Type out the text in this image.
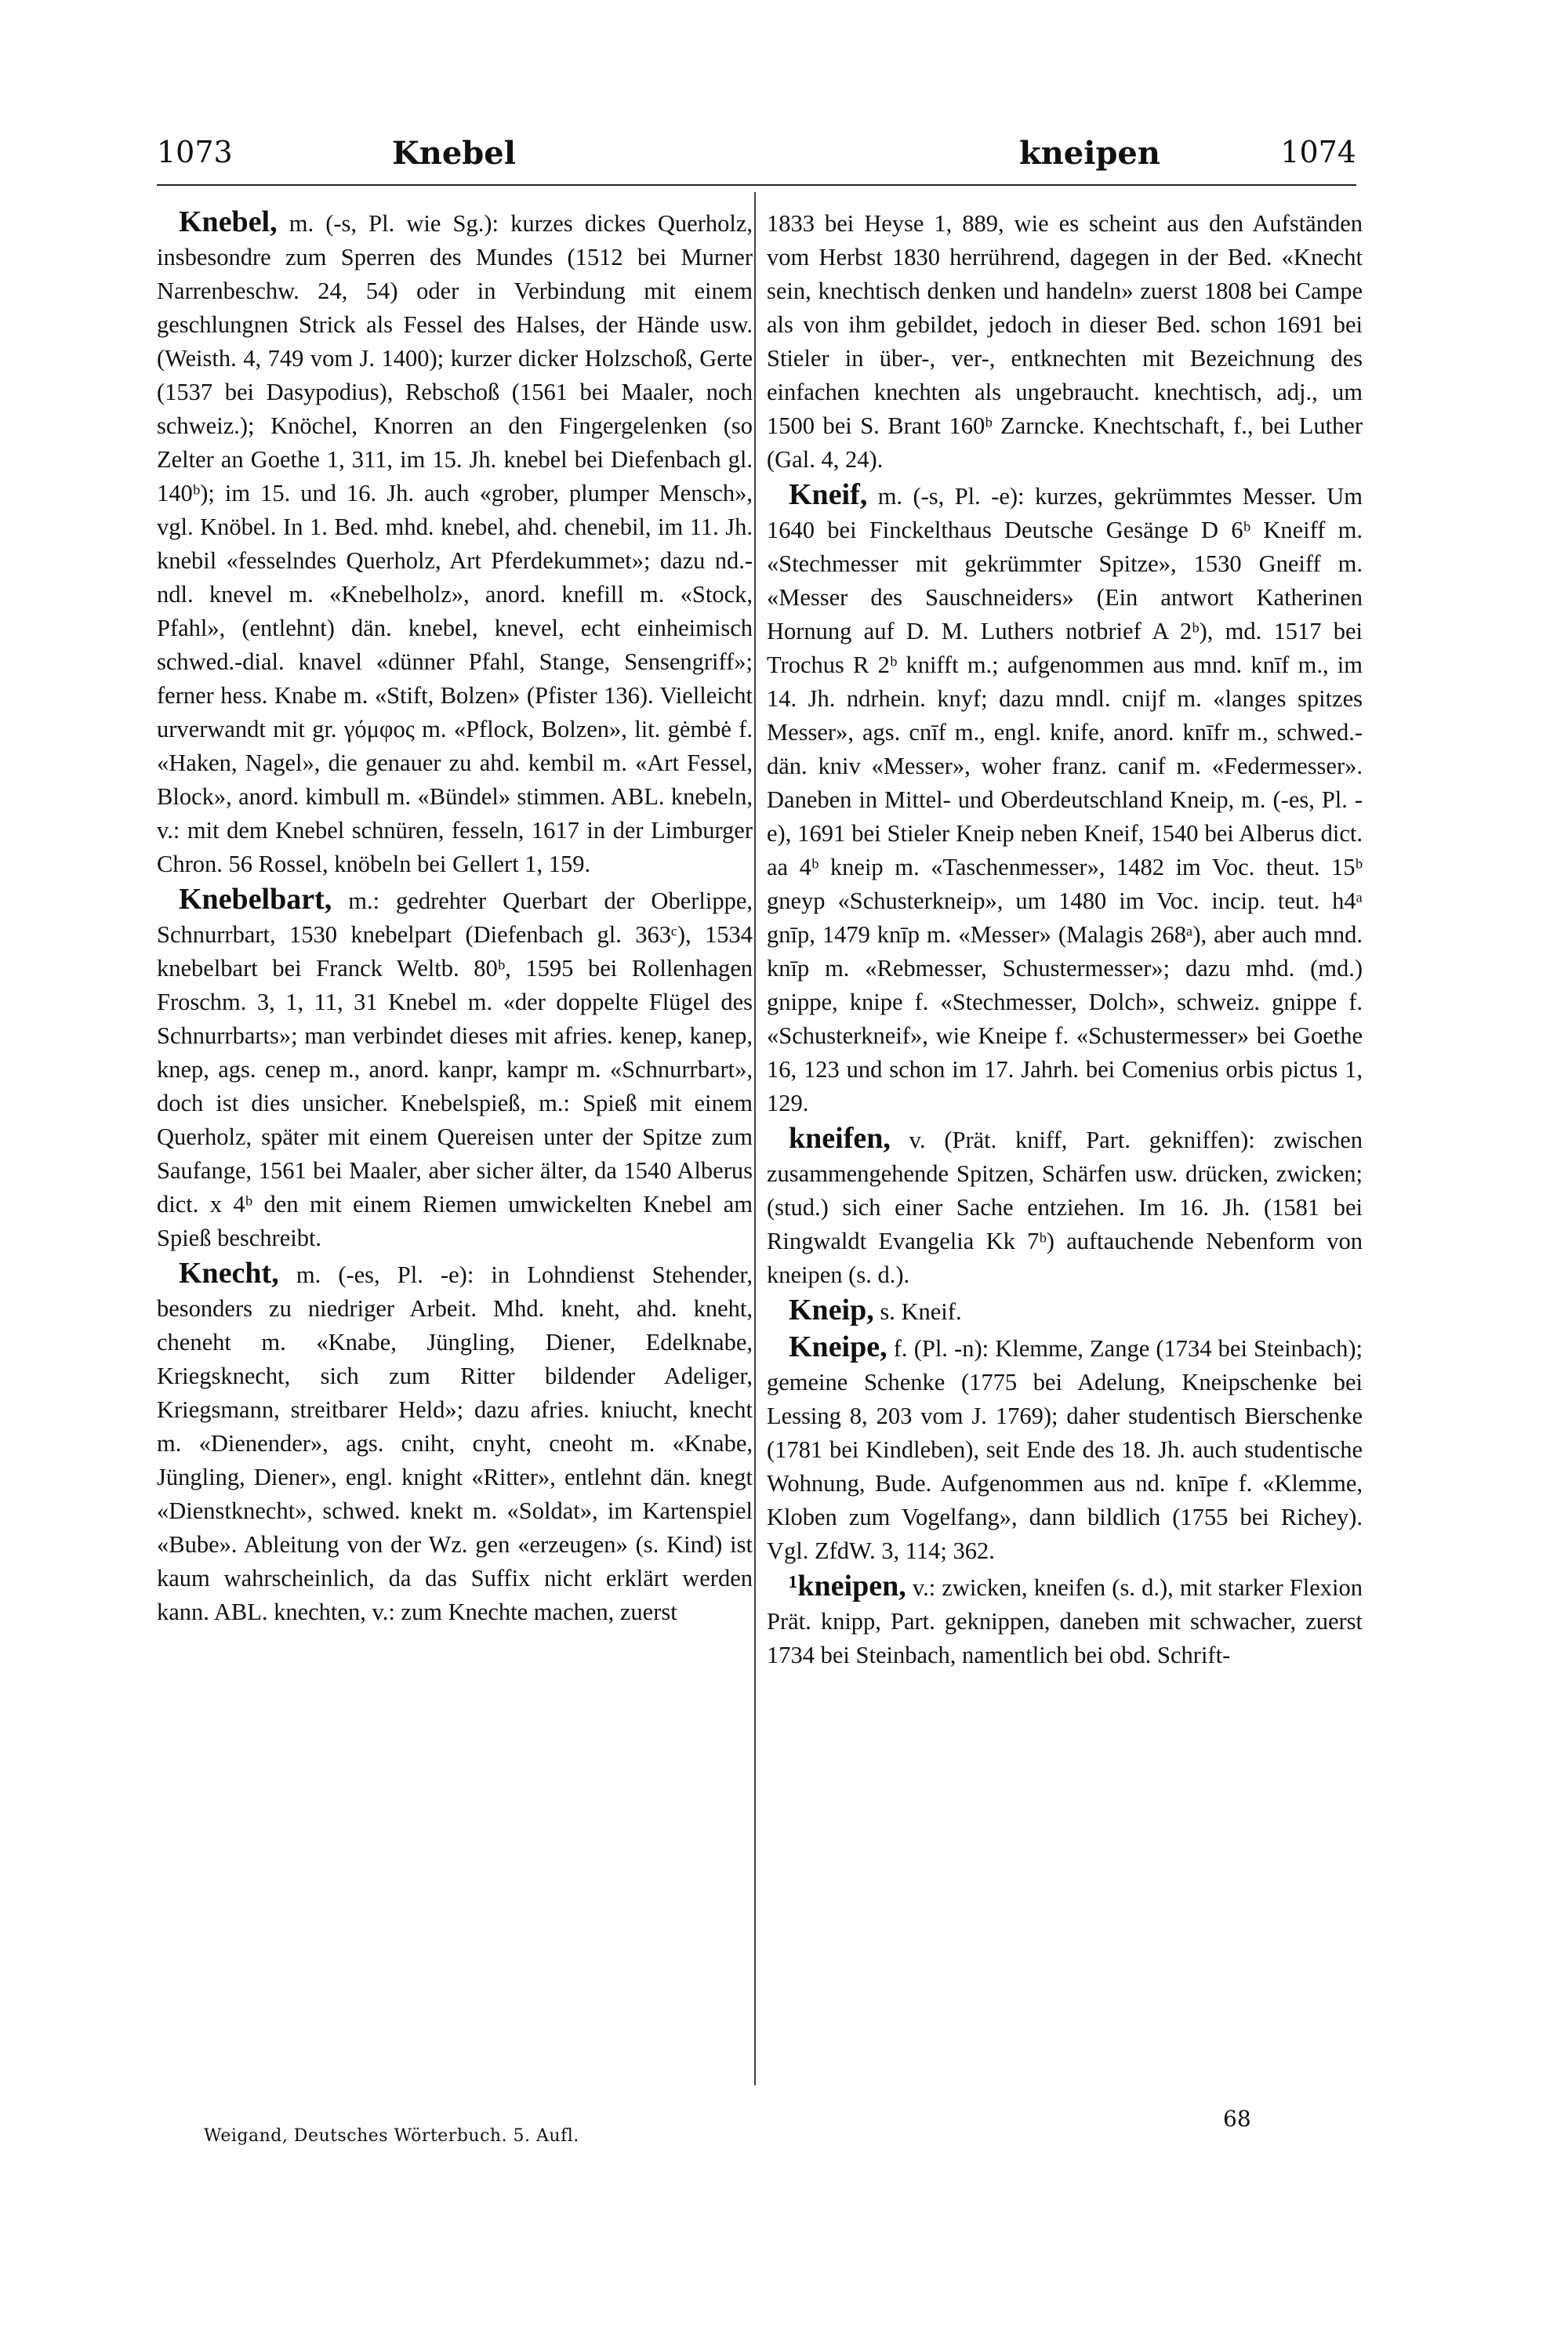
1073	Knebel	kneipen	1074

Knebel, m. (-s, Pl. wie Sg.): kurzes dickes Querholz, insbesondre zum Sperren des Mundes (1512 bei Murner Narrenbeschw. 24, 54) oder in Verbindung mit einem geschlungnen Strick als Fessel des Halses, der Hände usw. (Weisth. 4, 749 vom J. 1400); kurzer dicker Holzschoß, Gerte (1537 bei Dasypodius), Rebschoß (1561 bei Maaler, noch schweiz.); Knöchel, Knorren an den Fingergelenken (so Zelter an Goethe 1, 311, im 15. Jh. knebel bei Diefenbach gl. 140ᵇ); im 15. und 16. Jh. auch «grober, plumper Mensch», vgl. Knöbel. In 1. Bed. mhd. knebel, ahd. chenebil, im 11. Jh. knebil «fesselndes Querholz, Art Pferdekummet»; dazu nd.-ndl. knevel m. «Knebelholz», anord. knefill m. «Stock, Pfahl», (entlehnt) dän. knebel, knevel, echt einheimisch schwed.-dial. knavel «dünner Pfahl, Stange, Sensengriff»; ferner hess. Knabe m. «Stift, Bolzen» (Pfister 136). Vielleicht urverwandt mit gr. γόμφος m. «Pflock, Bolzen», lit. gėmbė f. «Haken, Nagel», die genauer zu ahd. kembil m. «Art Fessel, Block», anord. kimbull m. «Bündel» stimmen. ABL. knebeln, v.: mit dem Knebel schnüren, fesseln, 1617 in der Limburger Chron. 56 Rossel, knöbeln bei Gellert 1, 159.

Knebelbart, m.: gedrehter Querbart der Oberlippe, Schnurrbart, 1530 knebelpart (Diefenbach gl. 363ᶜ), 1534 knebelbart bei Franck Weltb. 80ᵇ, 1595 bei Rollenhagen Froschm. 3, 1, 11, 31 Knebel m. «der doppelte Flügel des Schnurrbarts»; man verbindet dieses mit afries. kenep, kanep, knep, ags. cenep m., anord. kanpr, kampr m. «Schnurrbart», doch ist dies unsicher. Knebelspieß, m.: Spieß mit einem Querholz, später mit einem Quereisen unter der Spitze zum Saufange, 1561 bei Maaler, aber sicher älter, da 1540 Alberus dict. x 4ᵇ den mit einem Riemen umwickelten Knebel am Spieß beschreibt.

Knecht, m. (-es, Pl. -e): in Lohndienst Stehender, besonders zu niedriger Arbeit. Mhd. kneht, ahd. kneht, cheneht m. «Knabe, Jüngling, Diener, Edelknabe, Kriegsknecht, sich zum Ritter bildender Adeliger, Kriegsmann, streitbarer Held»; dazu afries. kniucht, knecht m. «Dienender», ags. cniht, cnyht, cneoht m. «Knabe, Jüngling, Diener», engl. knight «Ritter», entlehnt dän. knegt «Dienstknecht», schwed. knekt m. «Soldat», im Kartenspiel «Bube». Ableitung von der Wz. gen «erzeugen» (s. Kind) ist kaum wahrscheinlich, da das Suffix nicht erklärt werden kann. ABL. knechten, v.: zum Knechte machen, zuerst

1833 bei Heyse 1, 889, wie es scheint aus den Aufständen vom Herbst 1830 herrührend, dagegen in der Bed. «Knecht sein, knechtisch denken und handeln» zuerst 1808 bei Campe als von ihm gebildet, jedoch in dieser Bed. schon 1691 bei Stieler in über-, ver-, entknechten mit Bezeichnung des einfachen knechten als ungebraucht. knechtisch, adj., um 1500 bei S. Brant 160ᵇ Zarncke. Knechtschaft, f., bei Luther (Gal. 4, 24).

Kneif, m. (-s, Pl. -e): kurzes, gekrümmtes Messer. Um 1640 bei Finckelthaus Deutsche Gesänge D 6ᵇ Kneiff m. «Stechmesser mit gekrümmter Spitze», 1530 Gneiff m. «Messer des Sauschneiders» (Ein antwort Katherinen Hornung auf D. M. Luthers notbrief A 2ᵇ), md. 1517 bei Trochus R 2ᵇ knifft m.; aufgenommen aus mnd. knīf m., im 14. Jh. ndrhein. knyf; dazu mndl. cnijf m. «langes spitzes Messer», ags. cnīf m., engl. knife, anord. knīfr m., schwed.-dän. kniv «Messer», woher franz. canif m. «Federmesser». Daneben in Mittel- und Oberdeutschland Kneip, m. (-es, Pl. -e), 1691 bei Stieler Kneip neben Kneif, 1540 bei Alberus dict. aa 4ᵇ kneip m. «Taschenmesser», 1482 im Voc. theut. 15ᵇ gneyp «Schusterkneip», um 1480 im Voc. incip. teut. h4ᵃ gnīp, 1479 knīp m. «Messer» (Malagis 268ᵃ), aber auch mnd. knīp m. «Rebmesser, Schustermesser»; dazu mhd. (md.) gnippe, knipe f. «Stechmesser, Dolch», schweiz. gnippe f. «Schusterkneif», wie Kneipe f. «Schustermesser» bei Goethe 16, 123 und schon im 17. Jahrh. bei Comenius orbis pictus 1, 129.

kneifen, v. (Prät. kniff, Part. gekniffen): zwischen zusammengehende Spitzen, Schärfen usw. drücken, zwicken; (stud.) sich einer Sache entziehen. Im 16. Jh. (1581 bei Ringwaldt Evangelia Kk 7ᵇ) auftauchende Nebenform von kneipen (s. d.).

Kneip, s. Kneif.

Kneipe, f. (Pl. -n): Klemme, Zange (1734 bei Steinbach); gemeine Schenke (1775 bei Adelung, Kneipschenke bei Lessing 8, 203 vom J. 1769); daher studentisch Bierschenke (1781 bei Kindleben), seit Ende des 18. Jh. auch studentische Wohnung, Bude. Aufgenommen aus nd. knīpe f. «Klemme, Kloben zum Vogelfang», dann bildlich (1755 bei Richey). Vgl. ZfdW. 3, 114; 362.

¹kneipen, v.: zwicken, kneifen (s. d.), mit starker Flexion Prät. knipp, Part. geknippen, daneben mit schwacher, zuerst 1734 bei Steinbach, namentlich bei obd. Schrift-

68
Weigand, Deutsches Wörterbuch. 5. Aufl.
